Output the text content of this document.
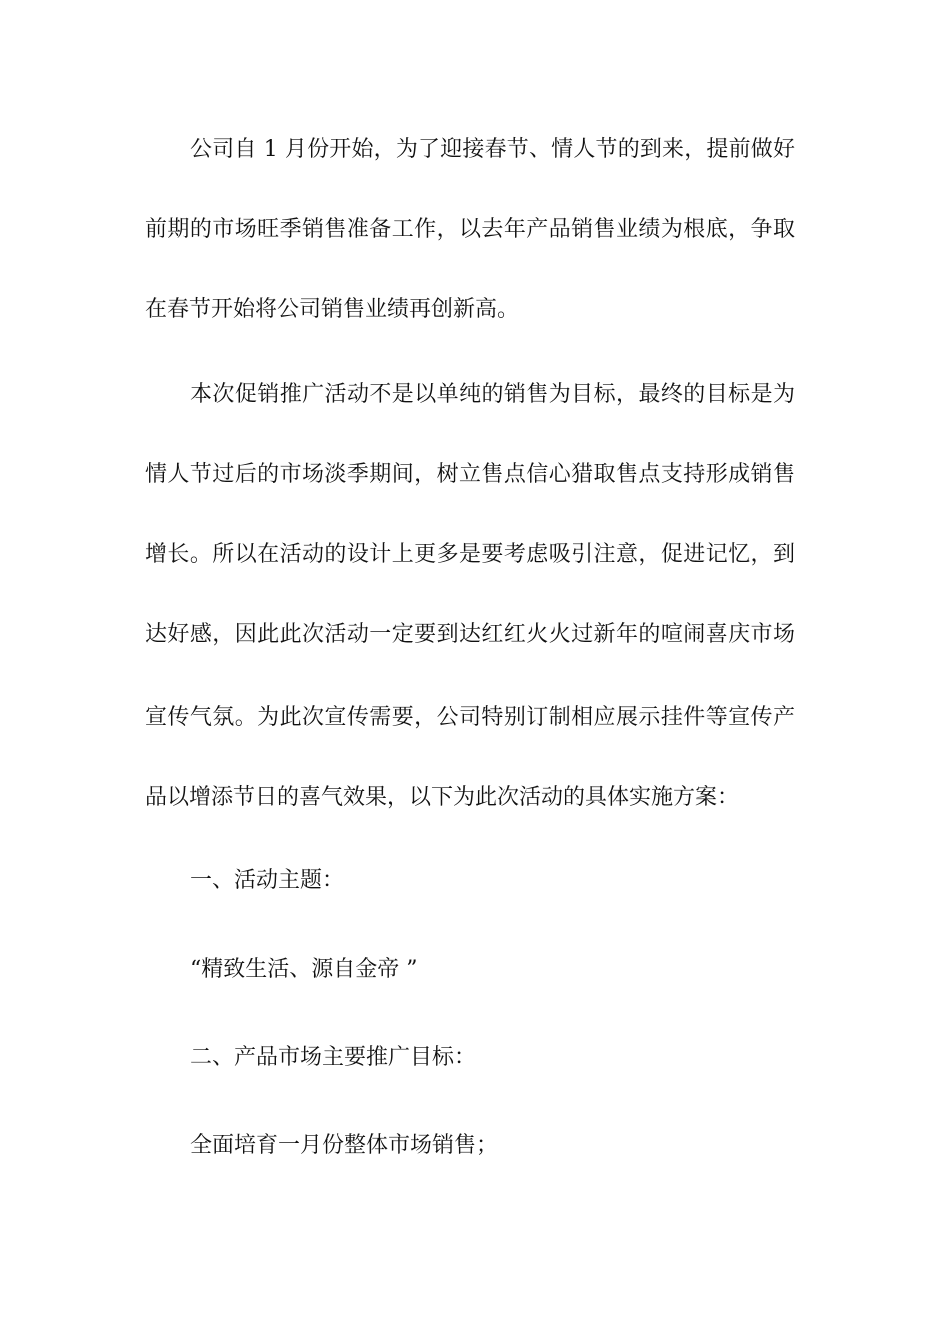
公司自 1 月份开始，为了迎接春节、情人节的到来，提前做好
前期的市场旺季销售准备工作，以去年产品销售业绩为根底，争取
在春节开始将公司销售业绩再创新高。
本次促销推广活动不是以单纯的销售为目标，最终的目标是为
情人节过后的市场淡季期间，树立售点信心猎取售点支持形成销售
增长。所以在活动的设计上更多是要考虑吸引注意，促进记忆，到
达好感，因此此次活动一定要到达红红火火过新年的喧闹喜庆市场
宣传气氛。为此次宣传需要，公司特别订制相应展示挂件等宣传产
品以增添节日的喜气效果，以下为此次活动的具体实施方案：
一、活动主题：
“精致生活、源自金帝 ”
二、产品市场主要推广目标：
全面培育一月份整体市场销售；
